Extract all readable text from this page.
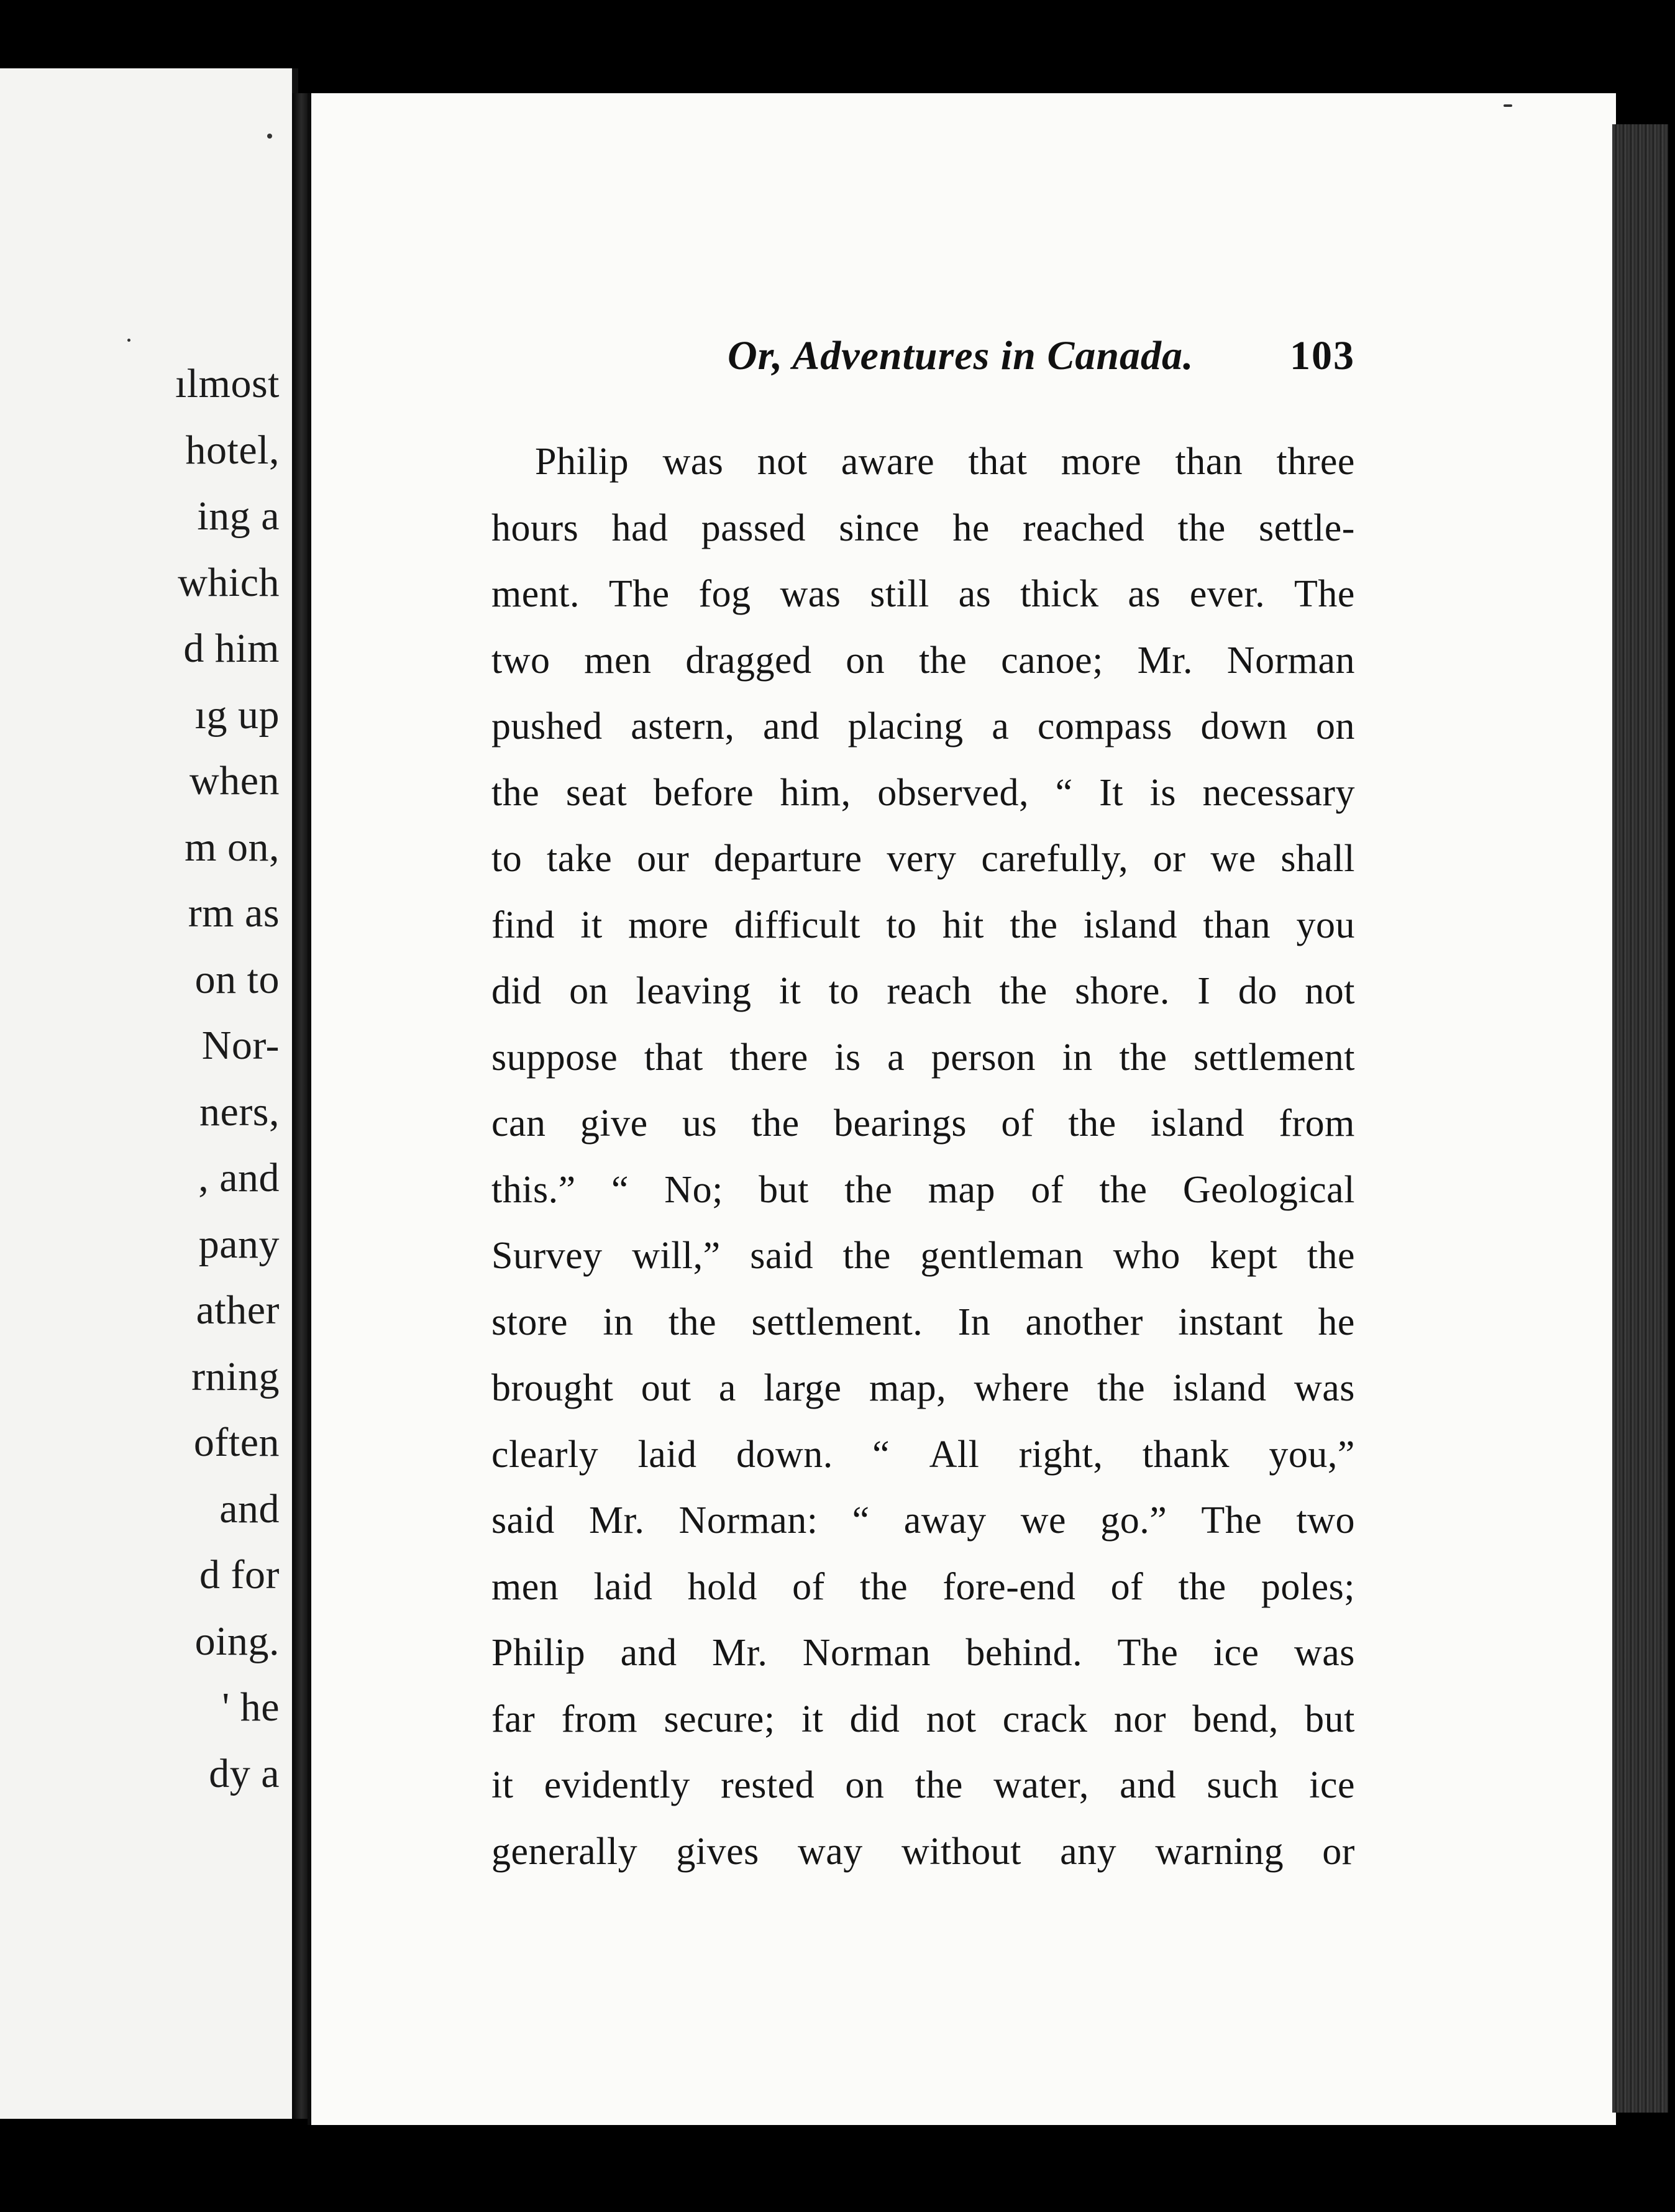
ılmost
hotel,
ing a
which
d him
ıg up
when
m on,
rm as
on to
Nor-
ners,
, and
pany
ather
rning
often
and
d for
oing.
' he
dy a
Or, Adventures in Canada. 103
Philip was not aware that more than three
hours had passed since he reached the settle-
ment. The fog was still as thick as ever. The
two men dragged on the canoe; Mr. Norman
pushed astern, and placing a compass down on
the seat before him, observed, “ It is necessary
to take our departure very carefully, or we shall
find it more difficult to hit the island than you
did on leaving it to reach the shore. I do not
suppose that there is a person in the settlement
can give us the bearings of the island from
this.” “ No; but the map of the Geological
Survey will,” said the gentleman who kept the
store in the settlement. In another instant he
brought out a large map, where the island was
clearly laid down. “ All right, thank you,”
said Mr. Norman: “ away we go.” The two
men laid hold of the fore-end of the poles;
Philip and Mr. Norman behind. The ice was
far from secure; it did not crack nor bend, but
it evidently rested on the water, and such ice
generally gives way without any warning or
